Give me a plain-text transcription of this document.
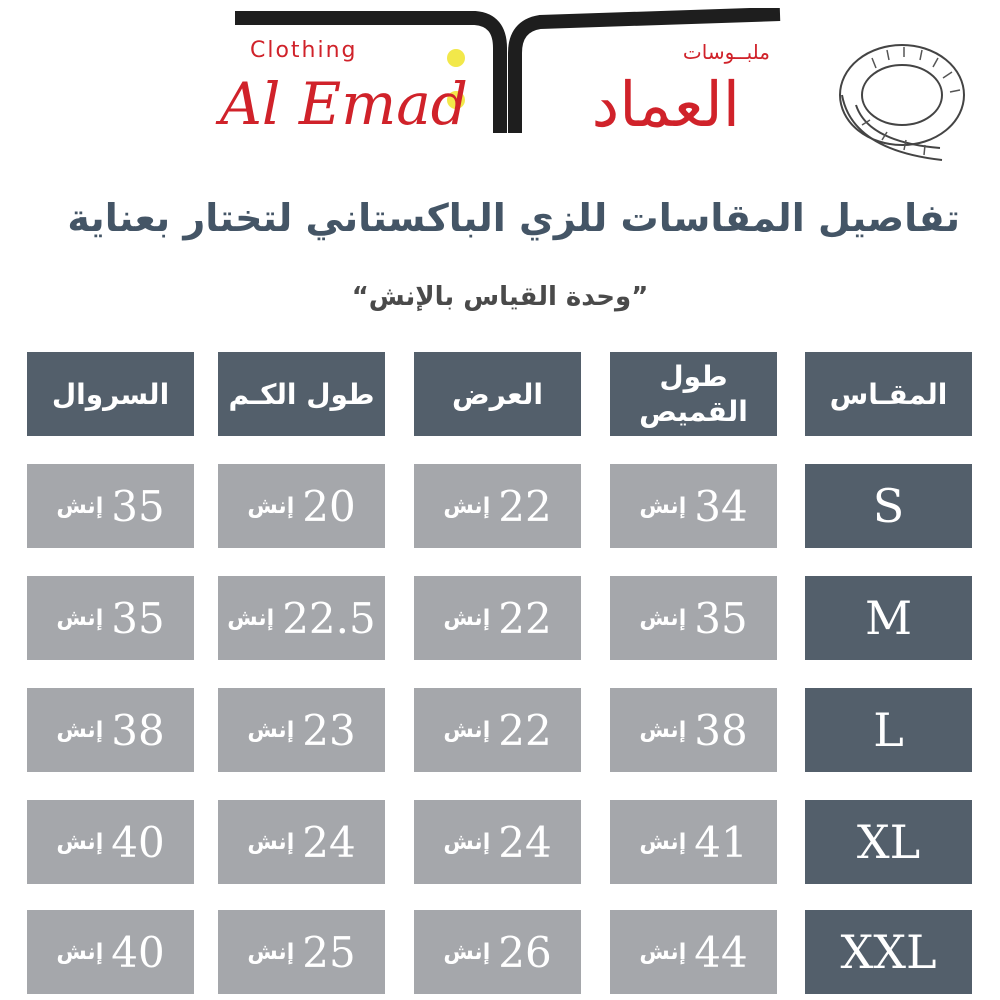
Clothing
Al Emad
ملبــوسات
العماد
تفاصيل المقاسات للزي الباكستاني لتختار بعناية
“وحدة القياس بالإنش”
المقـاس
طول القميص
العرض
طول الكـم
السروال
S
34
إنش
22
إنش
20
إنش
35
إنش
M
35
إنش
22
إنش
22.5
إنش
35
إنش
L
38
إنش
22
إنش
23
إنش
38
إنش
XL
41
إنش
24
إنش
24
إنش
40
إنش
XXL
44
إنش
26
إنش
25
إنش
40
إنش
